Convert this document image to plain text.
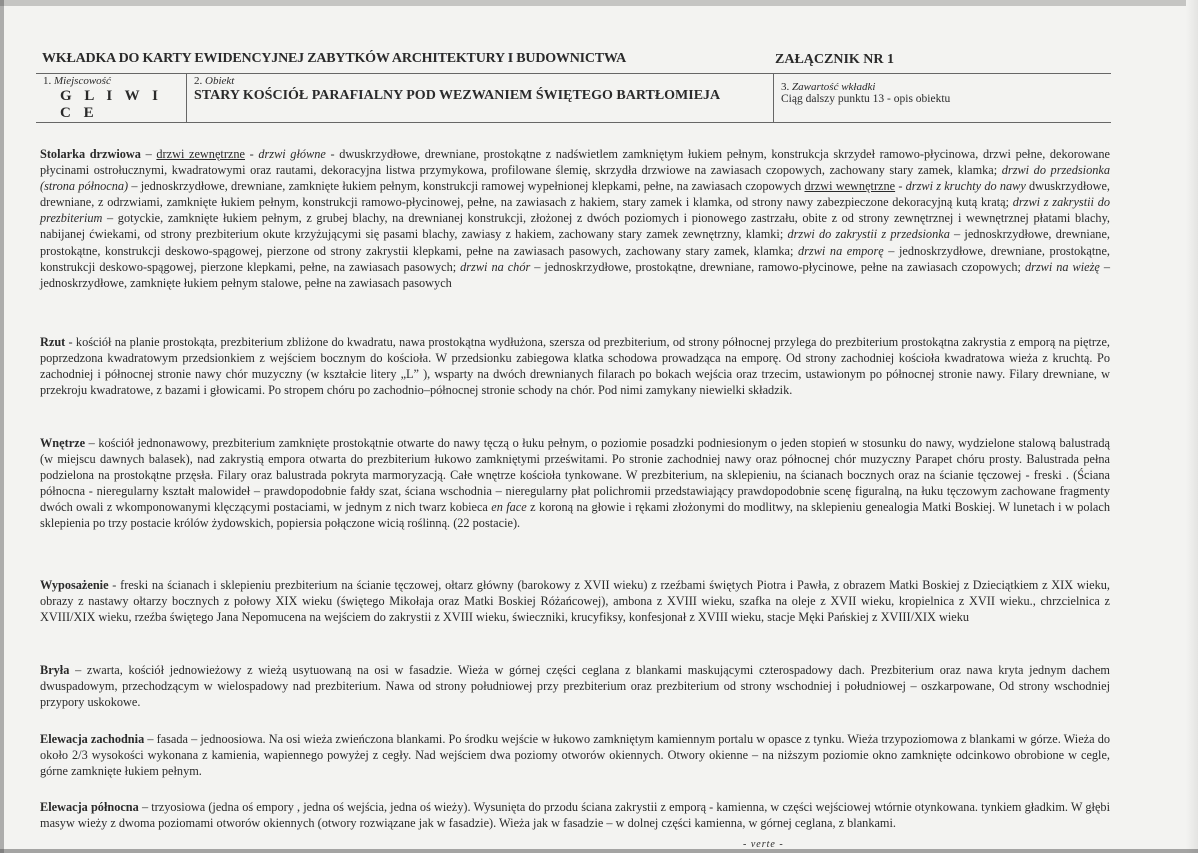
WKŁADKA DO KARTY EWIDENCYJNEJ ZABYTKÓW ARCHITEKTURY I BUDOWNICTWA	ZAŁĄCZNIK NR 1
1. Miejscowość
G L I W I C E
2. Obiekt
STARY KOŚCIÓŁ PARAFIALNY POD WEZWANIEM ŚWIĘTEGO BARTŁOMIEJA
3. Zawartość wkładki
Ciąg dalszy punktu 13 - opis obiektu
Stolarka drzwiowa – drzwi zewnętrzne - drzwi główne - dwuskrzydłowe, drewniane, prostokątne z nadświetlem zamkniętym łukiem pełnym, konstrukcja skrzydeł ramowo-płycinowa, drzwi pełne, dekorowane płycinami ostrołucznymi, kwadratowymi oraz rautami, dekoracyjna listwa przymykowa, profilowane ślemię, skrzydła drzwiowe na zawiasach czopowych, zachowany stary zamek, klamka; drzwi do przedsionka (strona północna) – jednoskrzydłowe, drewniane, zamknięte łukiem pełnym, konstrukcji ramowej wypełnionej klepkami, pełne, na zawiasach czopowych drzwi wewnętrzne - drzwi z kruchty do nawy dwuskrzydłowe, drewniane, z odrzwiami, zamknięte łukiem pełnym, konstrukcji ramowo-płycinowej, pełne, na zawiasach z hakiem, stary zamek i klamka, od strony nawy zabezpieczone dekoracyjną kutą kratą; drzwi z zakrystii do prezbiterium – gotyckie, zamknięte łukiem pełnym, z grubej blachy, na drewnianej konstrukcji, złożonej z dwóch poziomych i pionowego zastrzału, obite z od strony zewnętrznej i wewnętrznej płatami blachy, nabijanej ćwiekami, od strony prezbiterium okute krzyżującymi się pasami blachy, zawiasy z hakiem, zachowany stary zamek zewnętrzny, klamki; drzwi do zakrystii z przedsionka – jednoskrzydłowe, drewniane, prostokątne, konstrukcji deskowo-spągowej, pierzone od strony zakrystii klepkami, pełne na zawiasach pasowych, zachowany stary zamek, klamka; drzwi na emporę – jednoskrzydłowe, drewniane, prostokątne, konstrukcji deskowo-spągowej, pierzone klepkami, pełne, na zawiasach pasowych; drzwi na chór – jednoskrzydłowe, prostokątne, drewniane, ramowo-płycinowe, pełne na zawiasach czopowych; drzwi na wieżę – jednoskrzydłowe, zamknięte łukiem pełnym stalowe, pełne na zawiasach pasowych
Rzut - kościół na planie prostokąta, prezbiterium zbliżone do kwadratu, nawa prostokątna wydłużona, szersza od prezbiterium, od strony północnej przylega do prezbiterium prostokątna zakrystia z emporą na piętrze, poprzedzona kwadratowym przedsionkiem z wejściem bocznym do kościoła. W przedsionku zabiegowa klatka schodowa prowadząca na emporę. Od strony zachodniej kościoła kwadratowa wieża z kruchtą. Po zachodniej i północnej stronie nawy chór muzyczny (w kształcie litery „L” ), wsparty na dwóch drewnianych filarach po bokach wejścia oraz trzecim, ustawionym po północnej stronie nawy. Filary drewniane, w przekroju kwadratowe, z bazami i głowicami. Po stropem chóru po zachodnio–północnej stronie schody na chór. Pod nimi zamykany niewielki składzik.
Wnętrze – kościół jednonawowy, prezbiterium zamknięte prostokątnie otwarte do nawy tęczą o łuku pełnym, o poziomie posadzki podniesionym o jeden stopień w stosunku do nawy, wydzielone stalową balustradą (w miejscu dawnych balasek), nad zakrystią empora otwarta do prezbiterium łukowo zamkniętymi prześwitami. Po stronie zachodniej nawy oraz północnej chór muzyczny Parapet chóru prosty. Balustrada pełna podzielona na prostokątne przęsła. Filary oraz balustrada pokryta marmoryzacją. Całe wnętrze kościoła tynkowane. W prezbiterium, na sklepieniu, na ścianach bocznych oraz na ścianie tęczowej - freski . (Ściana północna - nieregularny kształt malowideł – prawdopodobnie fałdy szat, ściana wschodnia – nieregularny płat polichromii przedstawiający prawdopodobnie scenę figuralną, na łuku tęczowym zachowane fragmenty dwóch owali z wkomponowanymi klęczącymi postaciami, w jednym z nich twarz kobieca en face z koroną na głowie i rękami złożonymi do modlitwy, na sklepieniu genealogia Matki Boskiej. W lunetach i w polach sklepienia po trzy postacie królów żydowskich, popiersia połączone wicią roślinną. (22 postacie).
Wyposażenie - freski na ścianach i sklepieniu prezbiterium na ścianie tęczowej, ołtarz główny (barokowy z XVII wieku) z rzeźbami świętych Piotra i Pawła, z obrazem Matki Boskiej z Dzieciątkiem z XIX wieku, obrazy z nastawy ołtarzy bocznych z połowy XIX wieku (świętego Mikołaja oraz Matki Boskiej Różańcowej), ambona z XVIII wieku, szafka na oleje z XVII wieku, kropielnica z XVII wieku., chrzcielnica z XVIII/XIX wieku, rzeźba świętego Jana Nepomucena na wejściem do zakrystii z XVIII wieku, świeczniki, krucyfiksy, konfesjonał z XVIII wieku, stacje Męki Pańskiej z XVIII/XIX wieku
Bryła – zwarta, kościół jednowieżowy z wieżą usytuowaną na osi w fasadzie. Wieża w górnej części ceglana z blankami maskującymi czterospadowy dach. Prezbiterium oraz nawa kryta jednym dachem dwuspadowym, przechodzącym w wielospadowy nad prezbiterium. Nawa od strony południowej przy prezbiterium oraz prezbiterium od strony wschodniej i południowej – oszkarpowane, Od strony wschodniej przypory uskokowe.
Elewacja zachodnia – fasada – jednoosiowa. Na osi wieża zwieńczona blankami. Po środku wejście w łukowo zamkniętym kamiennym portalu w opasce z tynku. Wieża trzypoziomowa z blankami w górze. Wieża do około 2/3 wysokości wykonana z kamienia, wapiennego powyżej z cegły. Nad wejściem dwa poziomy otworów okiennych. Otwory okienne – na niższym poziomie okno zamknięte odcinkowo obrobione w cegle, górne zamknięte łukiem pełnym.
Elewacja północna – trzyosiowa (jedna oś empory , jedna oś wejścia, jedna oś wieży). Wysunięta do przodu ściana zakrystii z emporą - kamienna, w części wejściowej wtórnie otynkowana. tynkiem gładkim. W głębi masyw wieży z dwoma poziomami otworów okiennych (otwory rozwiązane jak w fasadzie). Wieża jak w fasadzie – w dolnej części kamienna, w górnej ceglana, z blankami.
- verte -
